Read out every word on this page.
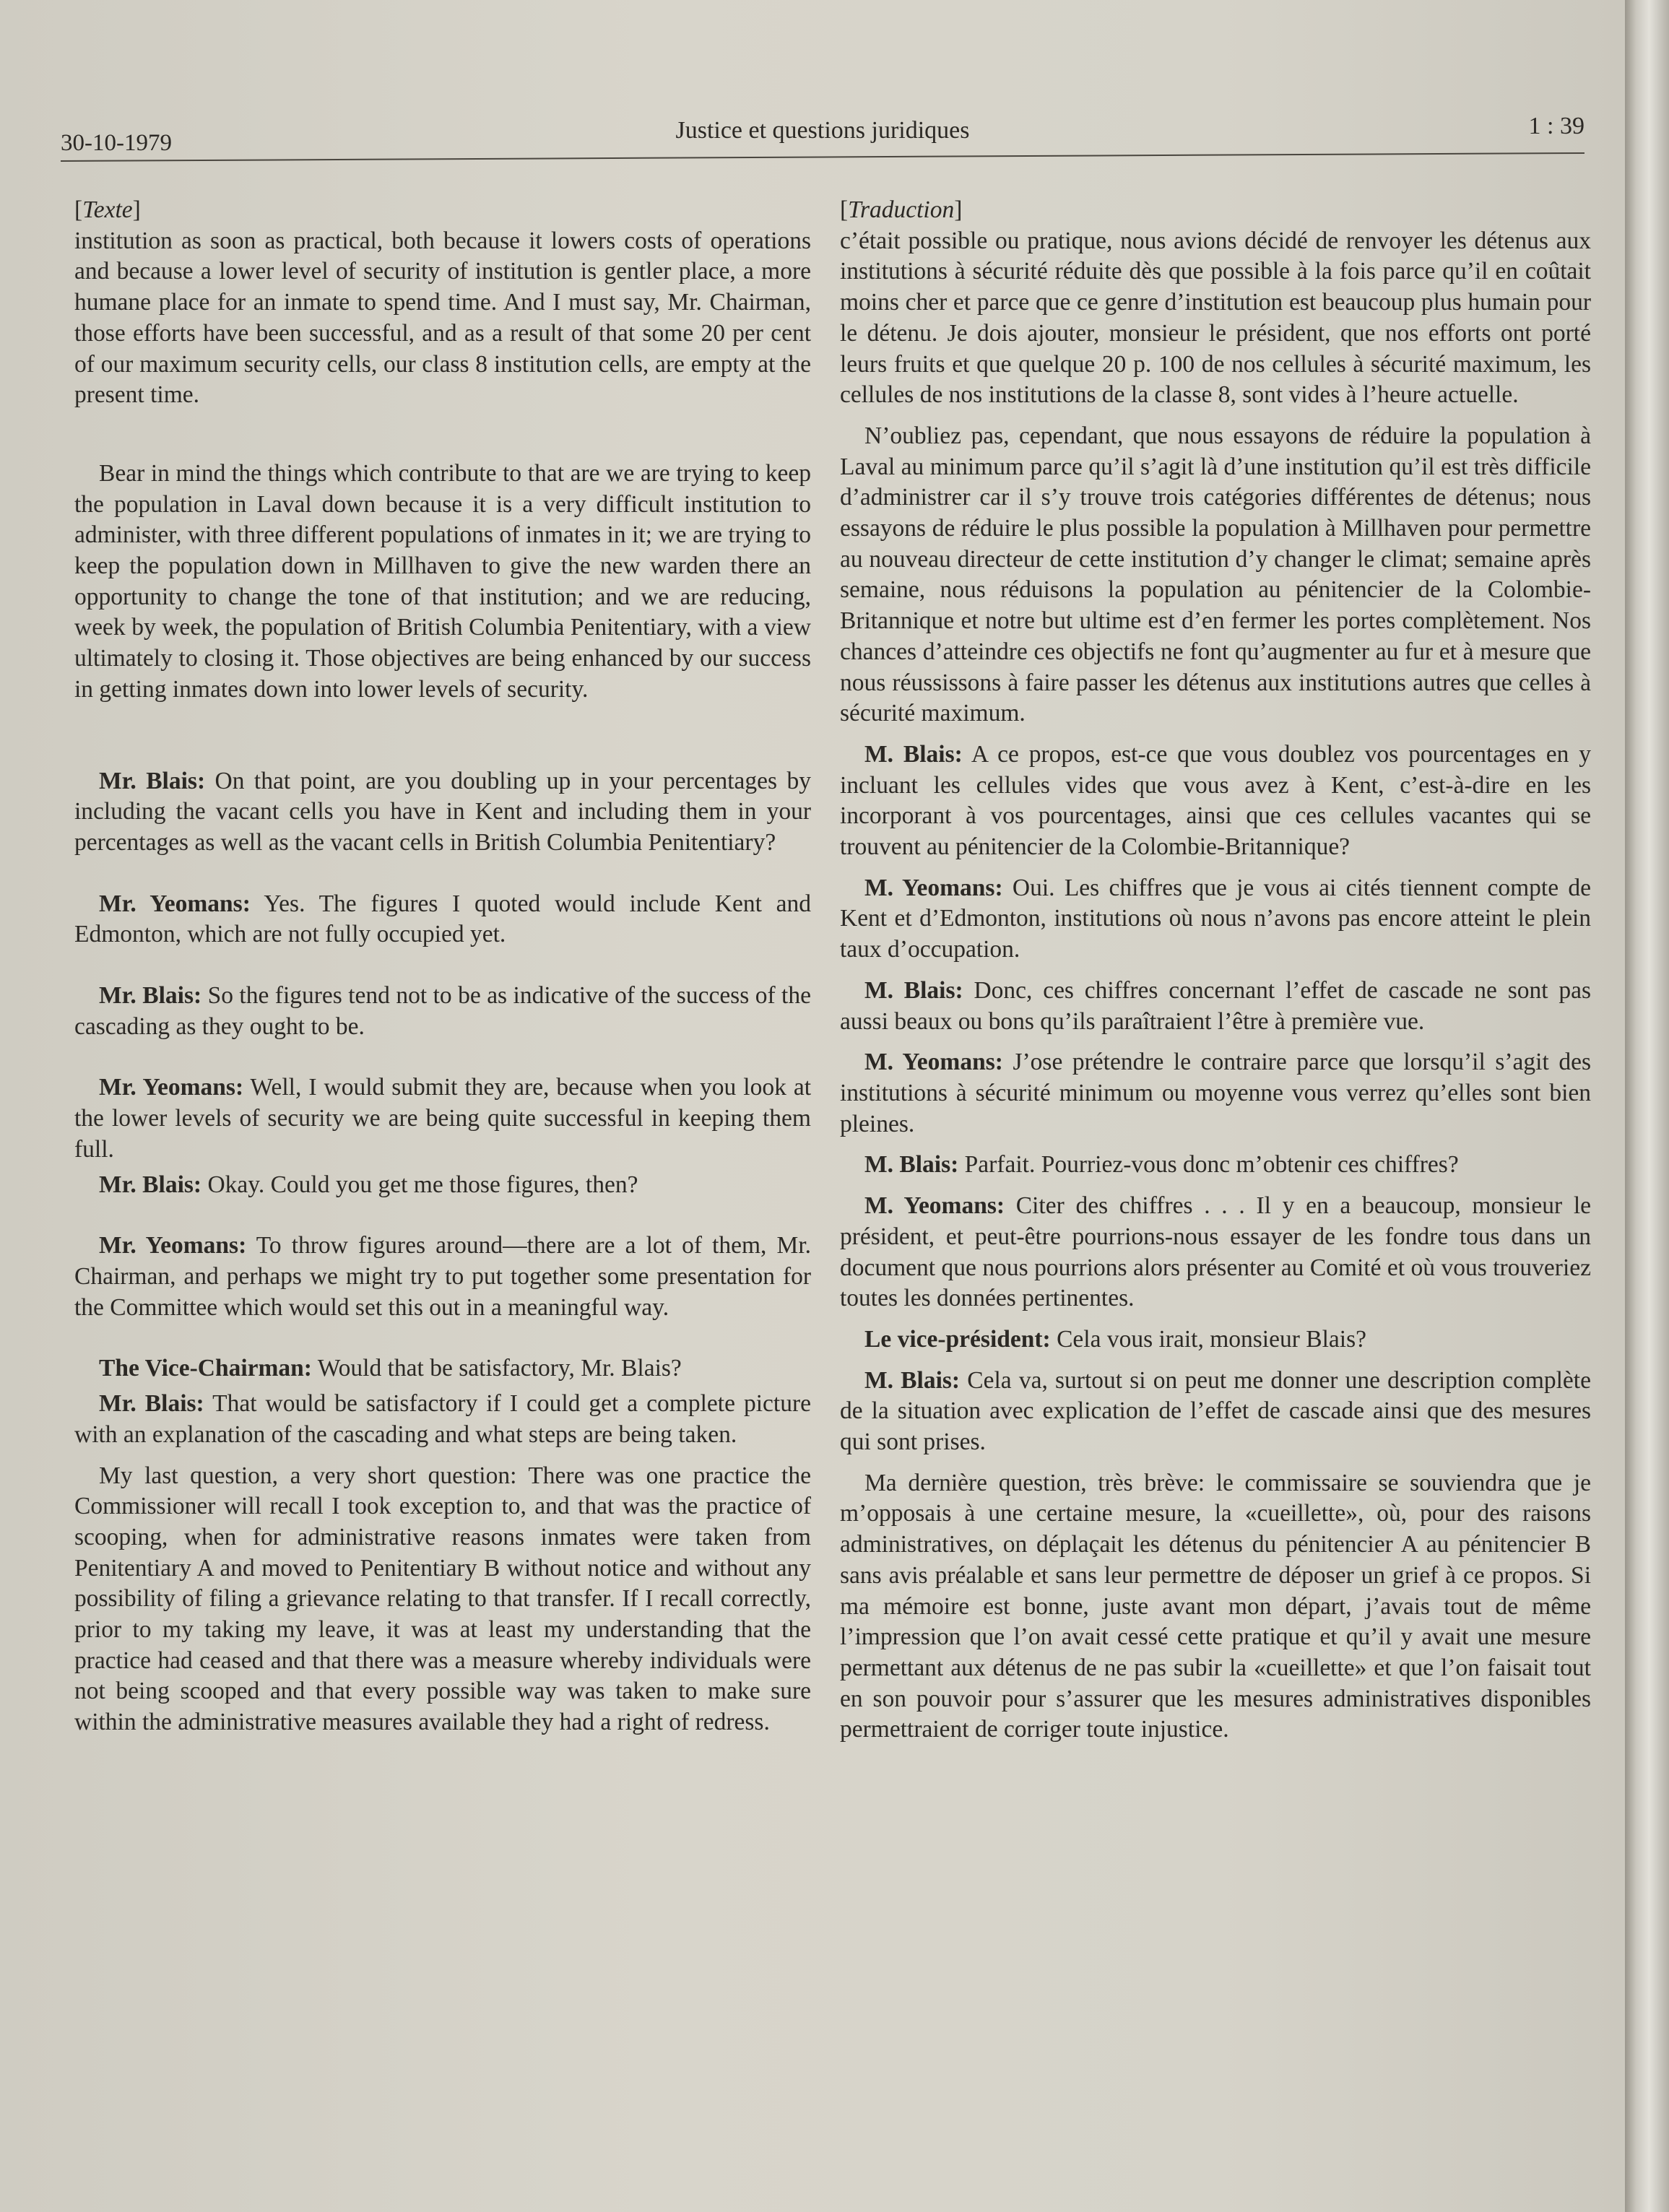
30-10-1979	Justice et questions juridiques	1 : 39

[Texte]

institution as soon as practical, both because it lowers costs of operations and because a lower level of security of institution is gentler place, a more humane place for an inmate to spend time. And I must say, Mr. Chairman, those efforts have been successful, and as a result of that some 20 per cent of our maximum security cells, our class 8 institution cells, are empty at the present time.

Bear in mind the things which contribute to that are we are trying to keep the population in Laval down because it is a very difficult institution to administer, with three different populations of inmates in it; we are trying to keep the population down in Millhaven to give the new warden there an opportunity to change the tone of that institution; and we are reducing, week by week, the population of British Columbia Penitentiary, with a view ultimately to closing it. Those objectives are being enhanced by our success in getting inmates down into lower levels of security.

Mr. Blais: On that point, are you doubling up in your percentages by including the vacant cells you have in Kent and including them in your percentages as well as the vacant cells in British Columbia Penitentiary?

Mr. Yeomans: Yes. The figures I quoted would include Kent and Edmonton, which are not fully occupied yet.

Mr. Blais: So the figures tend not to be as indicative of the success of the cascading as they ought to be.

Mr. Yeomans: Well, I would submit they are, because when you look at the lower levels of security we are being quite successful in keeping them full.

Mr. Blais: Okay. Could you get me those figures, then?

Mr. Yeomans: To throw figures around—there are a lot of them, Mr. Chairman, and perhaps we might try to put together some presentation for the Committee which would set this out in a meaningful way.

The Vice-Chairman: Would that be satisfactory, Mr. Blais?

Mr. Blais: That would be satisfactory if I could get a complete picture with an explanation of the cascading and what steps are being taken.

My last question, a very short question: There was one practice the Commissioner will recall I took exception to, and that was the practice of scooping, when for administrative reasons inmates were taken from Penitentiary A and moved to Penitentiary B without notice and without any possibility of filing a grievance relating to that transfer. If I recall correctly, prior to my taking my leave, it was at least my understanding that the practice had ceased and that there was a measure whereby individuals were not being scooped and that every possible way was taken to make sure within the administrative measures available they had a right of redress.

[Traduction]

c’était possible ou pratique, nous avions décidé de renvoyer les détenus aux institutions à sécurité réduite dès que possible à la fois parce qu’il en coûtait moins cher et parce que ce genre d’institution est beaucoup plus humain pour le détenu. Je dois ajouter, monsieur le président, que nos efforts ont porté leurs fruits et que quelque 20 p. 100 de nos cellules à sécurité maximum, les cellules de nos institutions de la classe 8, sont vides à l’heure actuelle.

N’oubliez pas, cependant, que nous essayons de réduire la population à Laval au minimum parce qu’il s’agit là d’une institution qu’il est très difficile d’administrer car il s’y trouve trois catégories différentes de détenus; nous essayons de réduire le plus possible la population à Millhaven pour permettre au nouveau directeur de cette institution d’y changer le climat; semaine après semaine, nous réduisons la population au pénitencier de la Colombie-Britannique et notre but ultime est d’en fermer les portes complètement. Nos chances d’atteindre ces objectifs ne font qu’augmenter au fur et à mesure que nous réussissons à faire passer les détenus aux institutions autres que celles à sécurité maximum.

M. Blais: A ce propos, est-ce que vous doublez vos pourcentages en y incluant les cellules vides que vous avez à Kent, c’est-à-dire en les incorporant à vos pourcentages, ainsi que ces cellules vacantes qui se trouvent au pénitencier de la Colombie-Britannique?

M. Yeomans: Oui. Les chiffres que je vous ai cités tiennent compte de Kent et d’Edmonton, institutions où nous n’avons pas encore atteint le plein taux d’occupation.

M. Blais: Donc, ces chiffres concernant l’effet de cascade ne sont pas aussi beaux ou bons qu’ils paraîtraient l’être à première vue.

M. Yeomans: J’ose prétendre le contraire parce que lorsqu’il s’agit des institutions à sécurité minimum ou moyenne vous verrez qu’elles sont bien pleines.

M. Blais: Parfait. Pourriez-vous donc m’obtenir ces chiffres?

M. Yeomans: Citer des chiffres . . . Il y en a beaucoup, monsieur le président, et peut-être pourrions-nous essayer de les fondre tous dans un document que nous pourrions alors présenter au Comité et où vous trouveriez toutes les données pertinentes.

Le vice-président: Cela vous irait, monsieur Blais?

M. Blais: Cela va, surtout si on peut me donner une description complète de la situation avec explication de l’effet de cascade ainsi que des mesures qui sont prises.

Ma dernière question, très brève: le commissaire se souviendra que je m’opposais à une certaine mesure, la «cueillette», où, pour des raisons administratives, on déplaçait les détenus du pénitencier A au pénitencier B sans avis préalable et sans leur permettre de déposer un grief à ce propos. Si ma mémoire est bonne, juste avant mon départ, j’avais tout de même l’impression que l’on avait cessé cette pratique et qu’il y avait une mesure permettant aux détenus de ne pas subir la «cueillette» et que l’on faisait tout en son pouvoir pour s’assurer que les mesures administratives disponibles permettraient de corriger toute injustice.
